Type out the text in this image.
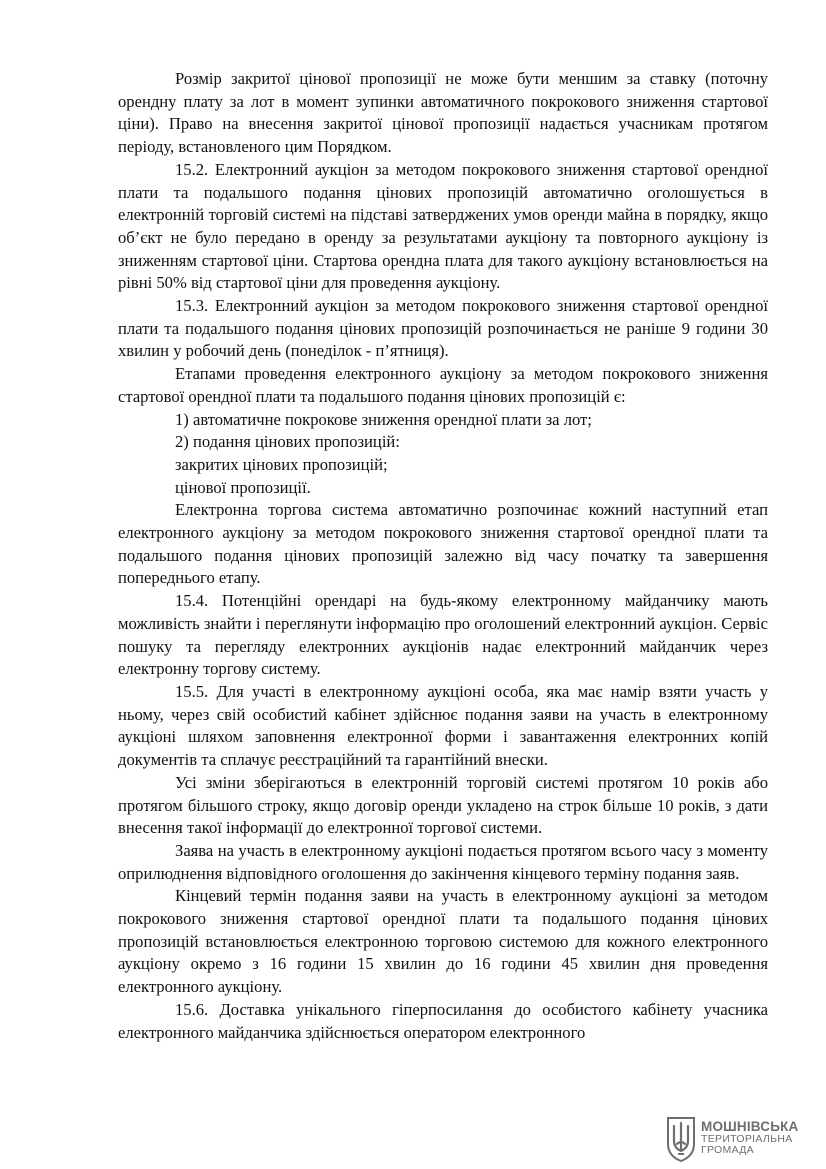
Розмір закритої цінової пропозиції не може бути меншим за ставку (поточну орендну плату за лот в момент зупинки автоматичного покрокового зниження стартової ціни). Право на внесення закритої цінової пропозиції надається учасникам протягом періоду, встановленого цим Порядком.

15.2. Електронний аукціон за методом покрокового зниження стартової орендної плати та подальшого подання цінових пропозицій автоматично оголошується в електронній торговій системі на підставі затверджених умов оренди майна в порядку, якщо об’єкт не було передано в оренду за результатами аукціону та повторного аукціону із зниженням стартової ціни. Стартова орендна плата для такого аукціону встановлюється на рівні 50% від стартової ціни для проведення аукціону.

15.3. Електронний аукціон за методом покрокового зниження стартової орендної плати та подальшого подання цінових пропозицій розпочинається не раніше 9 години 30 хвилин у робочий день (понеділок - п’ятниця).

Етапами проведення електронного аукціону за методом покрокового зниження стартової орендної плати та подальшого подання цінових пропозицій є:

1) автоматичне покрокове зниження орендної плати за лот;

2) подання цінових пропозицій:

закритих цінових пропозицій;

цінової пропозиції.

Електронна торгова система автоматично розпочинає кожний наступний етап електронного аукціону за методом покрокового зниження стартової орендної плати та подальшого подання цінових пропозицій залежно від часу початку та завершення попереднього етапу.

15.4. Потенційні орендарі на будь-якому електронному майданчику мають можливість знайти і переглянути інформацію про оголошений електронний аукціон. Сервіс пошуку та перегляду електронних аукціонів надає електронний майданчик через електронну торгову систему.

15.5. Для участі в електронному аукціоні особа, яка має намір взяти участь у ньому, через свій особистий кабінет здійснює подання заяви на участь в електронному аукціоні шляхом заповнення електронної форми і завантаження електронних копій документів та сплачує реєстраційний та гарантійний внески.

Усі зміни зберігаються в електронній торговій системі протягом 10 років або протягом більшого строку, якщо договір оренди укладено на строк більше 10 років, з дати внесення такої інформації до електронної торгової системи.

Заява на участь в електронному аукціоні подається протягом всього часу з моменту оприлюднення відповідного оголошення до закінчення кінцевого терміну подання заяв.

Кінцевий термін подання заяви на участь в електронному аукціоні за методом покрокового зниження стартової орендної плати та подальшого подання цінових пропозицій встановлюється електронною торговою системою для кожного електронного аукціону окремо з 16 години 15 хвилин до 16 години 45 хвилин дня проведення електронного аукціону.

15.6. Доставка унікального гіперпосилання до особистого кабінету учасника електронного майданчика здійснюється оператором електронного

МОШНІВСЬКА
ТЕРИТОРІАЛЬНА
ГРОМАДА
